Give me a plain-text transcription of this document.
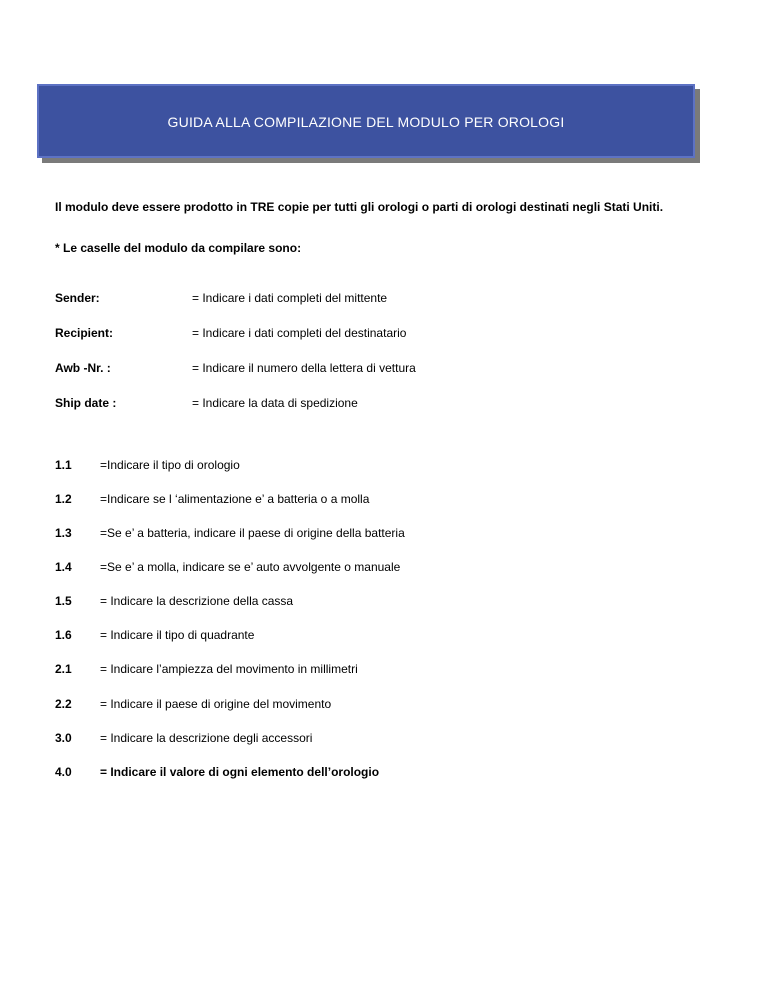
GUIDA ALLA COMPILAZIONE DEL MODULO PER OROLOGI
Il modulo deve essere prodotto in TRE copie per tutti gli orologi o parti di orologi destinati negli Stati Uniti.
* Le caselle del modulo da compilare sono:
Sender:	= Indicare i dati completi del mittente
Recipient:	= Indicare i dati completi del destinatario
Awb -Nr. :	= Indicare il numero della lettera di vettura
Ship date :	= Indicare la data di spedizione
1.1 =Indicare il tipo di orologio
1.2 =Indicare se l ‘alimentazione e’ a batteria o a molla
1.3 =Se e’ a batteria, indicare il paese di origine della batteria
1.4 =Se e’ a molla, indicare se e’ auto avvolgente o manuale
1.5 = Indicare la descrizione della cassa
1.6 = Indicare il tipo di quadrante
2.1 = Indicare l’ampiezza del movimento in millimetri
2.2 = Indicare il paese di origine del movimento
3.0 = Indicare la descrizione degli accessori
4.0 = Indicare il valore di ogni elemento dell’orologio
